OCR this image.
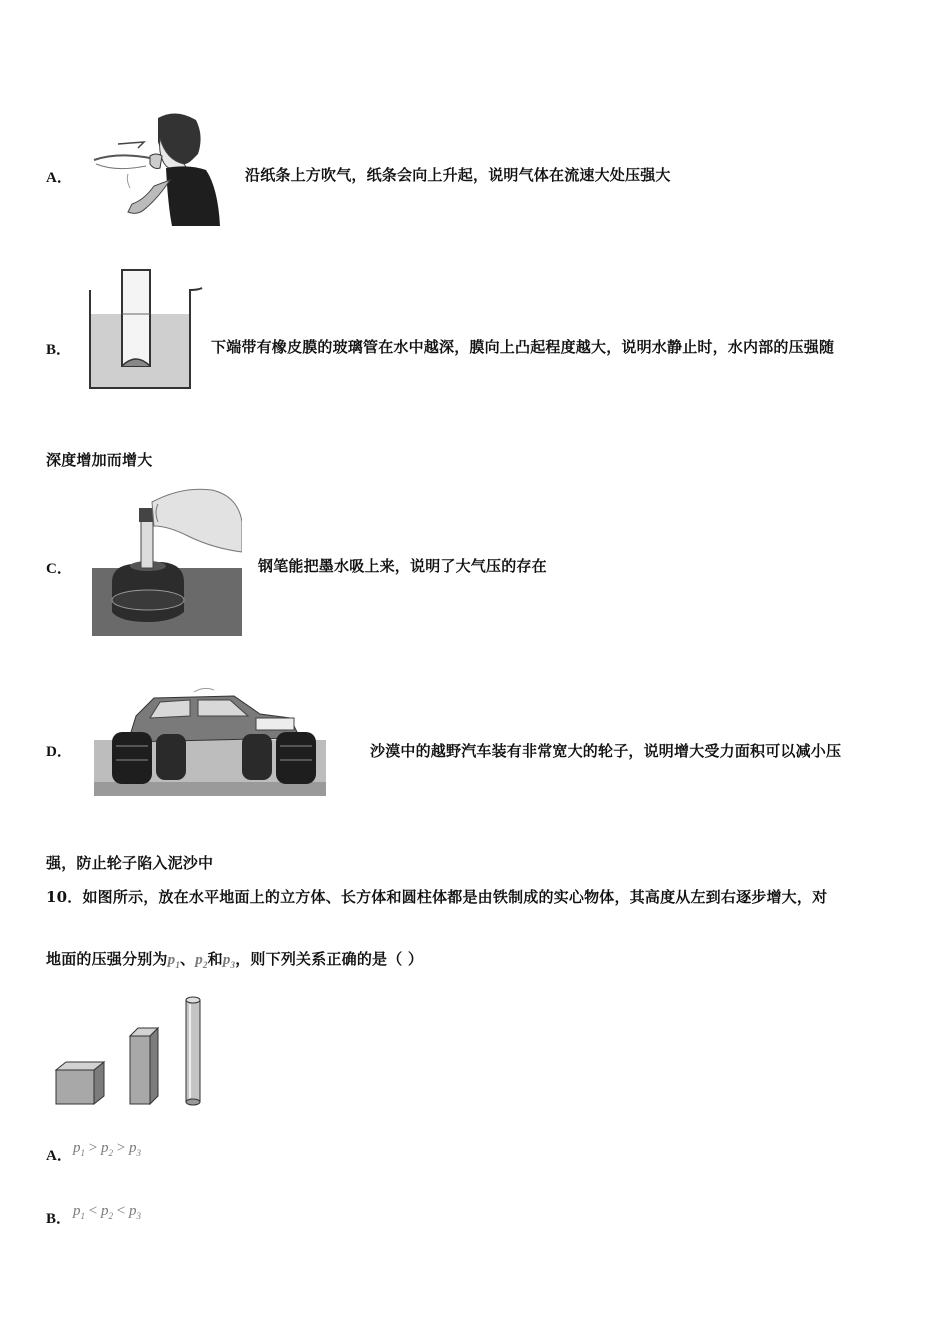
A．	沿纸条上方吹气，纸条会向上升起，说明气体在流速大处压强大
B．	下端带有橡皮膜的玻璃管在水中越深，膜向上凸起程度越大，说明水静止时，水内部的压强随
深度增加而增大
C．	钢笔能把墨水吸上来，说明了大气压的存在
D．	沙漠中的越野汽车装有非常宽大的轮子，说明增大受力面积可以减小压
强，防止轮子陷入泥沙中
10．如图所示，放在水平地面上的立方体、长方体和圆柱体都是由铁制成的实心物体，其高度从左到右逐步增大，对
地面的压强分别为$p_1$、$p_2$和$p_3$，则下列关系正确的是（ ）
A． $p_1 > p_2 > p_3$
B． $p_1 < p_2 < p_3$
